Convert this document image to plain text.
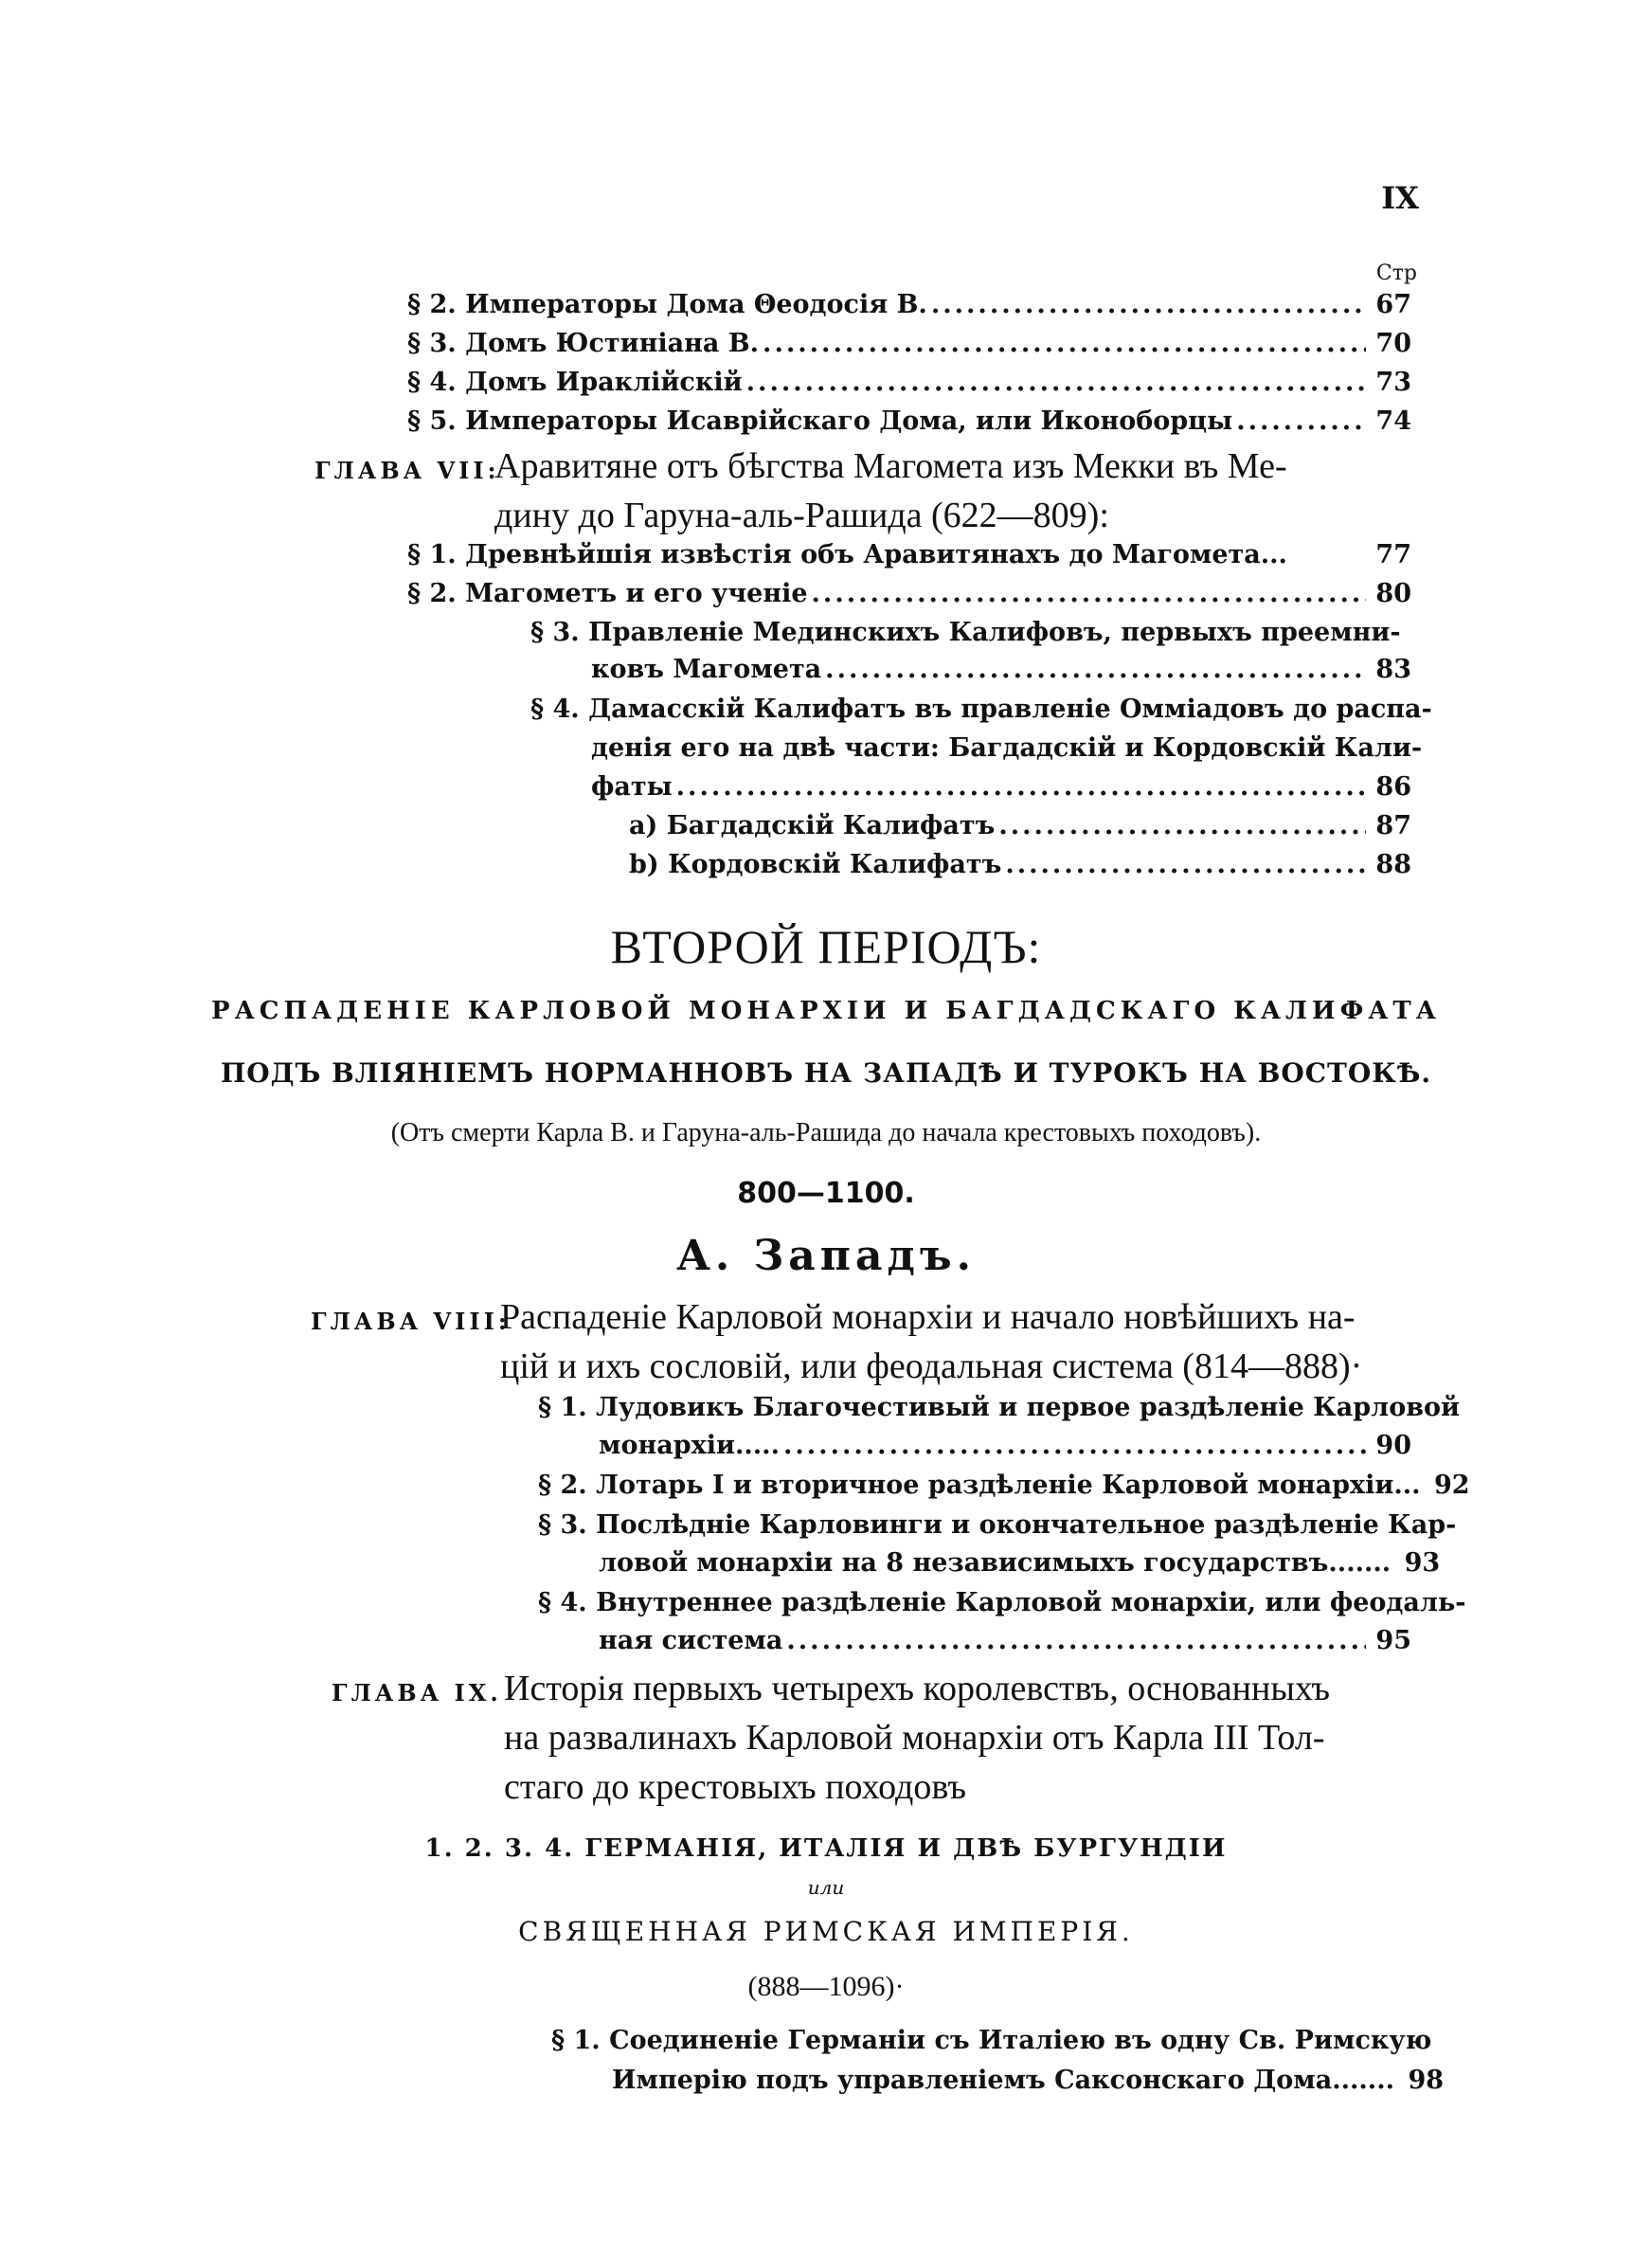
IX
Стр
§ 2. Императоры Дома Θеодосія В. .....	67
§ 3. Домъ Юстиніана В. .....	70
§ 4. Домъ Ираклійскій .....	73
§ 5. Императоры Исаврійскаго Дома, или Иконоборцы .....	74
ГЛАВА VII:
Аравитяне отъ бѣгства Магомета изъ Мекки въ Ме-
дину до Гаруна-аль-Рашида (622—809):
§ 1. Древнѣйшія извѣстія объ Аравитянахъ до Магомета...	77
§ 2. Магометъ и его ученіе .....	80
§ 3. Правленіе Мединскихъ Калифовъ, первыхъ преемни-
ковъ Магомета .....	83
§ 4. Дамасскій Калифатъ въ правленіе Оммiадовъ до распа-
денія его на двѣ части: Багдадскій и Кордовскій Кали-
фаты .....	86
a) Багдадскій Калифатъ .....	87
b) Кордовскій Калифатъ .....	88
ВТОРОЙ ПЕРІОДЪ:
РАСПАДЕНІЕ КАРЛОВОЙ МОНАРХІИ И БАГДАДСКАГО КАЛИФАТА
ПОДЪ ВЛІЯНІЕМЪ НОРМАННОВЪ НА ЗАПАДѢ И ТУРОКЪ НА ВОСТОКѢ.
(Отъ смерти Карла В. и Гаруна-аль-Рашида до начала крестовыхъ походовъ).
800—1100.
А. Западъ.
ГЛАВА VIII:
Распаденіе Карловой монархіи и начало новѣйшихъ на-
цій и ихъ сословій, или феодальная система (814—888)·
§ 1. Лудовикъ Благочестивый и первое раздѣленіе Карловой
монархіи..... .....	90
§ 2. Лотарь I и вторичное раздѣленіе Карловой монархіи... 92
§ 3. Послѣдніе Карловинги и окончательное раздѣленіе Кар-
ловой монархіи на 8 независимыхъ государствъ....... 93
§ 4. Внутреннее раздѣленіе Карловой монархіи, или феодаль-
ная система .....	95
ГЛАВА IX. Исторія первыхъ четырехъ королевствъ, основанныхъ
на развалинахъ Карловой монархіи отъ Карла III Тол-
стаго до крестовыхъ походовъ
1. 2. 3. 4. ГЕРМАНІЯ, ИТАЛІЯ И ДВѢ БУРГУНДІИ
или
СВЯЩЕННАЯ РИМСКАЯ ИМПЕРІЯ.
(888—1096)·
§ 1. Соединеніе Германіи съ Италіею въ одну Св. Римскую
Имперію подъ управленіемъ Саксонскаго Дома....... 98
